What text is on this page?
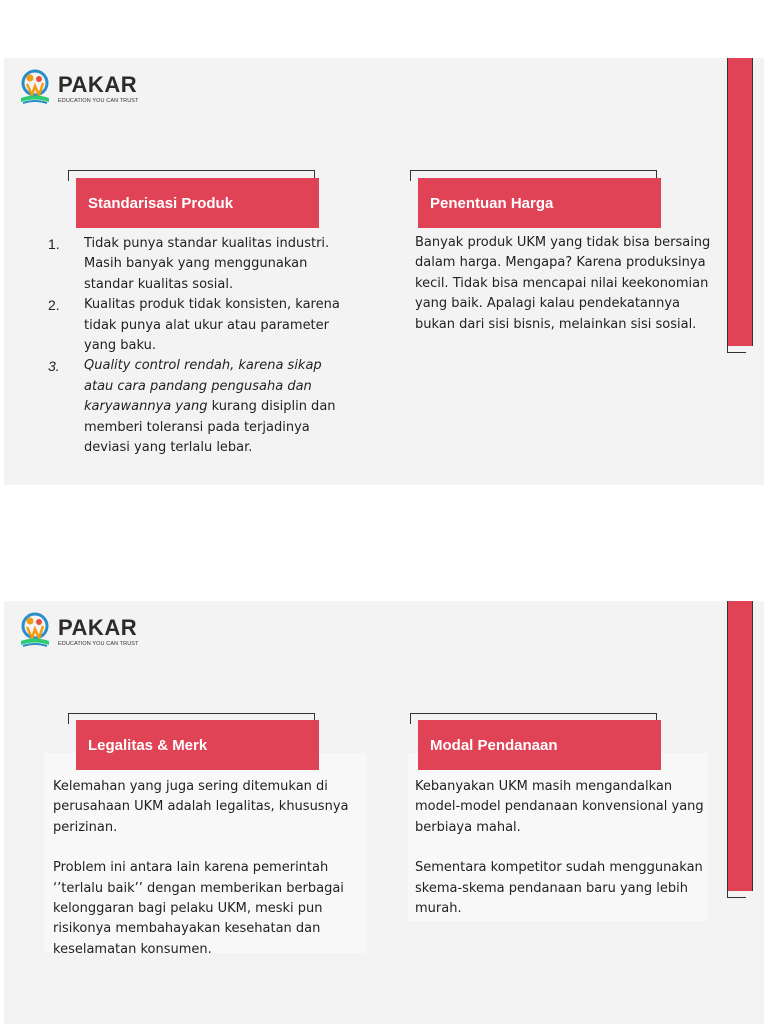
PAKAR
EDUCATION YOU CAN TRUST
Standarisasi Produk
1. Tidak punya standar kualitas industri. Masih banyak yang menggunakan standar kualitas sosial.
2. Kualitas produk tidak konsisten, karena tidak punya alat ukur atau parameter yang baku.
3. Quality control rendah, karena sikap atau cara pandang pengusaha dan karyawannya yang kurang disiplin dan memberi toleransi pada terjadinya deviasi yang terlalu lebar.
Penentuan Harga

Banyak produk UKM yang tidak bisa bersaing dalam harga. Mengapa? Karena produksinya kecil. Tidak bisa mencapai nilai keekonomian yang baik. Apalagi kalau pendekatannya bukan dari sisi bisnis, melainkan sisi sosial.

PAKAR
EDUCATION YOU CAN TRUST
Legalitas & Merk

Kelemahan yang juga sering ditemukan di perusahaan UKM adalah legalitas, khususnya perizinan.

Problem ini antara lain karena pemerintah ‘’terlalu baik’’ dengan memberikan berbagai kelonggaran bagi pelaku UKM, meski pun risikonya membahayakan kesehatan dan keselamatan konsumen.

Modal Pendanaan

Kebanyakan UKM masih mengandalkan model-model pendanaan konvensional yang berbiaya mahal.

Sementara kompetitor sudah menggunakan skema-skema pendanaan baru yang lebih murah.
